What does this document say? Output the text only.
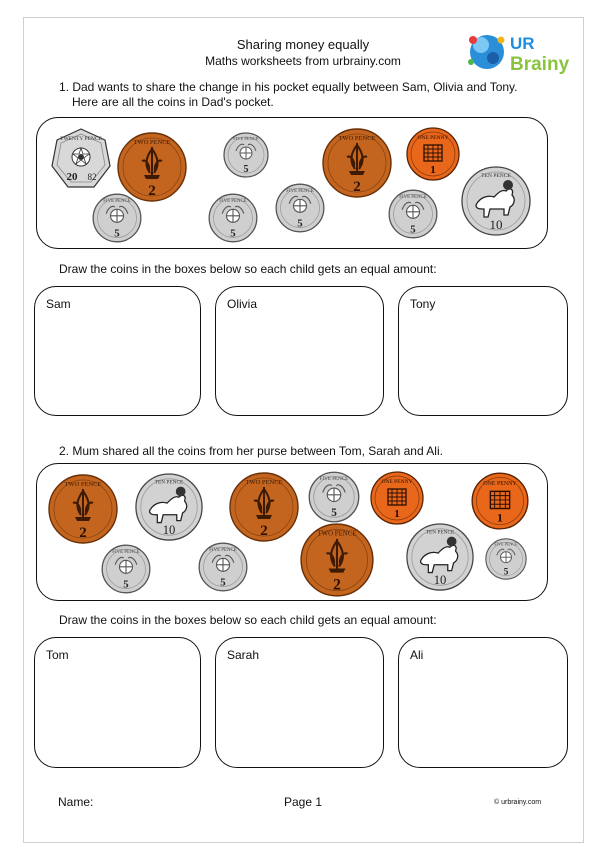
UR
Brainy
Sharing money equally
Maths worksheets from urbrainy.com
1. Dad wants to share the change in his pocket equally between Sam, Olivia and Tony.
Here are all the coins in Dad's pocket.
TWENTY PENCE
20 82
TWO PENCE
2
FIVE PENCE
5
TWO PENCE
2
ONE PENNY
1
FIVE PENCE
5
FIVE PENCE
5
FIVE PENCE
5
FIVE PENCE
5
TEN PENCE
10
Draw the coins in the boxes below so each child gets an equal amount:
Sam	Olivia	Tony
2. Mum shared all the coins from her purse between Tom, Sarah and Ali.
TWO PENCE
2
TEN PENCE
10
TWO PENCE
2
FIVE PENCE
5
ONE PENNY
1
ONE PENNY
1
FIVE PENCE
5
FIVE PENCE
5
TWO PENCE
2
TEN PENCE
10
FIVE PENCE
5
Draw the coins in the boxes below so each child gets an equal amount:
Tom	Sarah	Ali
Name:	Page 1	© urbrainy.com
